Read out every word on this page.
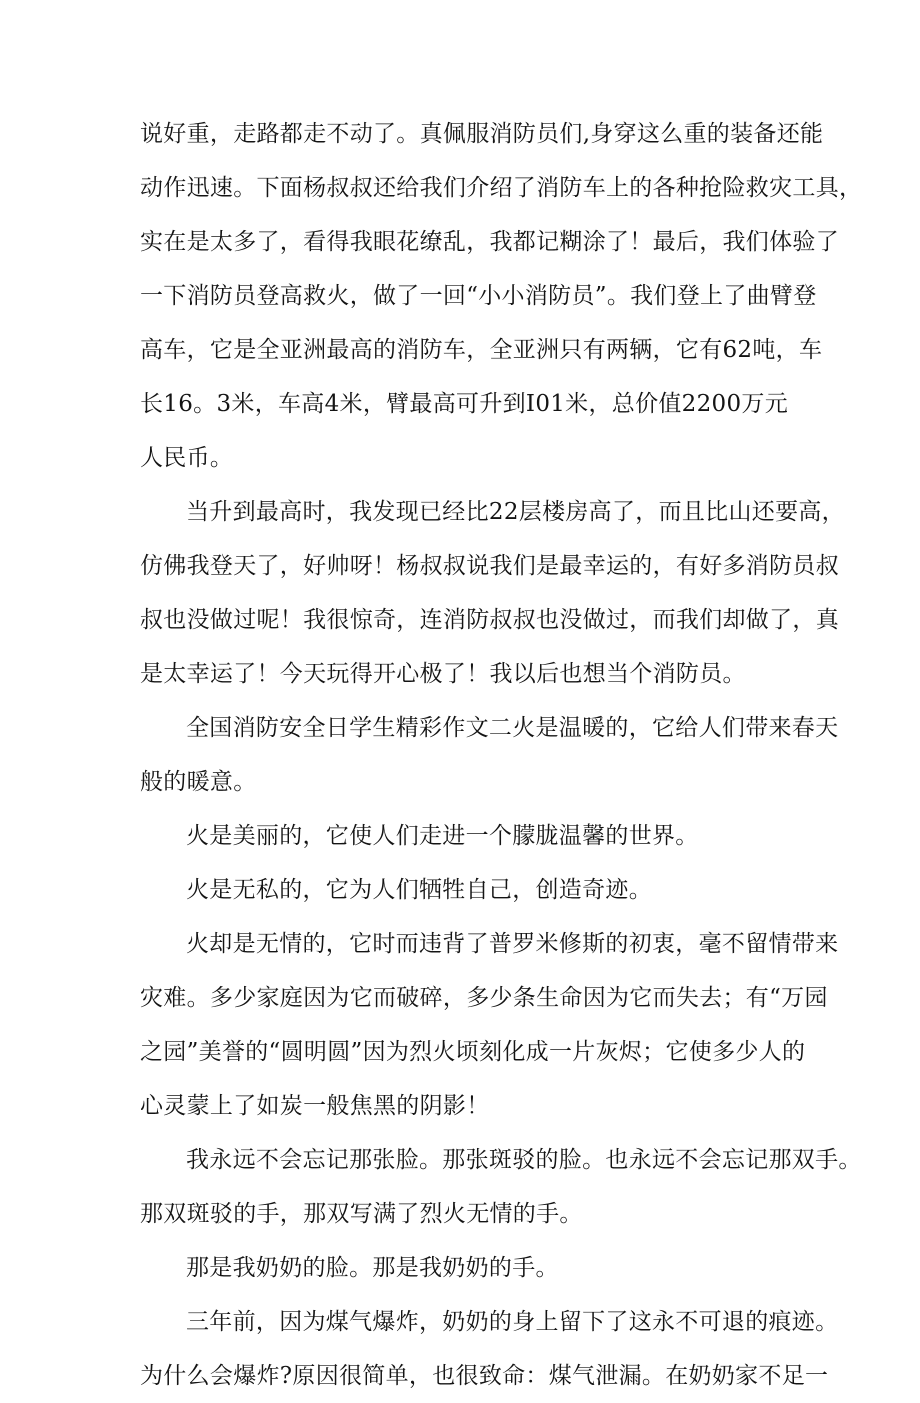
说好重，走路都走不动了。真佩服消防员们,身穿这么重的装备还能
动作迅速。下面杨叔叔还给我们介绍了消防车上的各种抢险救灾工具，
实在是太多了，看得我眼花缭乱，我都记糊涂了！最后，我们体验了
一下消防员登高救火，做了一回“小小消防员”。我们登上了曲臂登
高车，它是全亚洲最高的消防车，全亚洲只有两辆，它有62吨，车
长16。3米，车高4米，臂最高可升到I01米，总价值2200万元
人民币。
当升到最高时，我发现已经比22层楼房高了，而且比山还要高，
仿佛我登天了，好帅呀！杨叔叔说我们是最幸运的，有好多消防员叔
叔也没做过呢！我很惊奇，连消防叔叔也没做过，而我们却做了，真
是太幸运了！今天玩得开心极了！我以后也想当个消防员。
全国消防安全日学生精彩作文二火是温暖的，它给人们带来春天
般的暖意。
火是美丽的，它使人们走进一个朦胧温馨的世界。
火是无私的，它为人们牺牲自己，创造奇迹。
火却是无情的，它时而违背了普罗米修斯的初衷，毫不留情带来
灾难。多少家庭因为它而破碎，多少条生命因为它而失去；有“万园
之园”美誉的“圆明圆”因为烈火顷刻化成一片灰烬；它使多少人的
心灵蒙上了如炭一般焦黑的阴影！
我永远不会忘记那张脸。那张斑驳的脸。也永远不会忘记那双手。
那双斑驳的手，那双写满了烈火无情的手。
那是我奶奶的脸。那是我奶奶的手。
三年前，因为煤气爆炸，奶奶的身上留下了这永不可退的痕迹。
为什么会爆炸?原因很简单，也很致命：煤气泄漏。在奶奶家不足一
